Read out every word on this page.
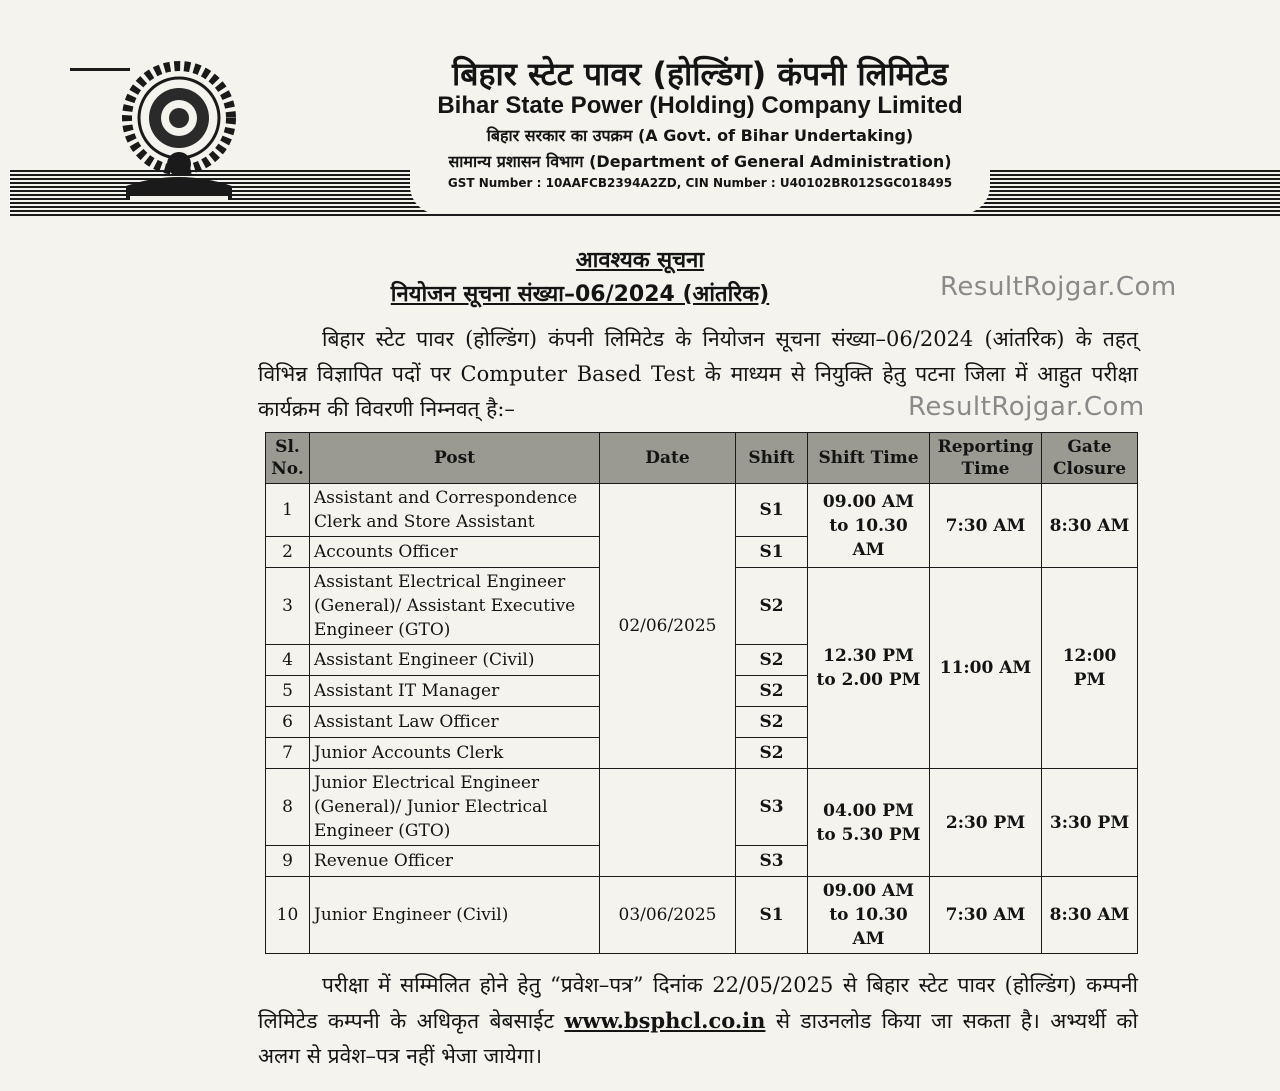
बिहार स्टेट पावर (होल्डिंग) कंपनी लिमिटेड
Bihar State Power (Holding) Company Limited
बिहार सरकार का उपक्रम (A Govt. of Bihar Undertaking)
सामान्य प्रशासन विभाग (Department of General Administration)
GST Number : 10AAFCB2394A2ZD, CIN Number : U40102BR012SGC018495
आवश्यक सूचना
नियोजन सूचना संख्या–06/2024 (आंतरिक)	ResultRojgar.Com
ResultRojgar.Com
बिहार स्टेट पावर (होल्डिंग) कंपनी लिमिटेड के नियोजन सूचना संख्या–06/2024 (आंतरिक) के तहत् विभिन्न विज्ञापित पदों पर Computer Based Test के माध्यम से नियुक्ति हेतु पटना जिला में आहुत परीक्षा कार्यक्रम की विवरणी निम्नवत् है:–
Sl. No.	Post	Date	Shift	Shift Time	Reporting Time	Gate Closure
1	Assistant and Correspondence Clerk and Store Assistant	02/06/2025	S1	09.00 AM to 10.30 AM	7:30 AM	8:30 AM
2	Accounts Officer		S1			
3	Assistant Electrical Engineer (General)/ Assistant Executive Engineer (GTO)		S2	12.30 PM to 2.00 PM	11:00 AM	12:00 PM
4	Assistant Engineer (Civil)		S2			
5	Assistant IT Manager		S2			
6	Assistant Law Officer		S2			
7	Junior Accounts Clerk		S2			
8	Junior Electrical Engineer (General)/ Junior Electrical Engineer (GTO)		S3	04.00 PM to 5.30 PM	2:30 PM	3:30 PM
9	Revenue Officer		S3			
10	Junior Engineer (Civil)	03/06/2025	S1	09.00 AM to 10.30 AM	7:30 AM	8:30 AM
परीक्षा में सम्मिलित होने हेतु “प्रवेश–पत्र” दिनांक 22/05/2025 से बिहार स्टेट पावर (होल्डिंग) कम्पनी लिमिटेड कम्पनी के अधिकृत बेबसाईट www.bsphcl.co.in से डाउनलोड किया जा सकता है। अभ्यर्थी को अलग से प्रवेश–पत्र नहीं भेजा जायेगा।
